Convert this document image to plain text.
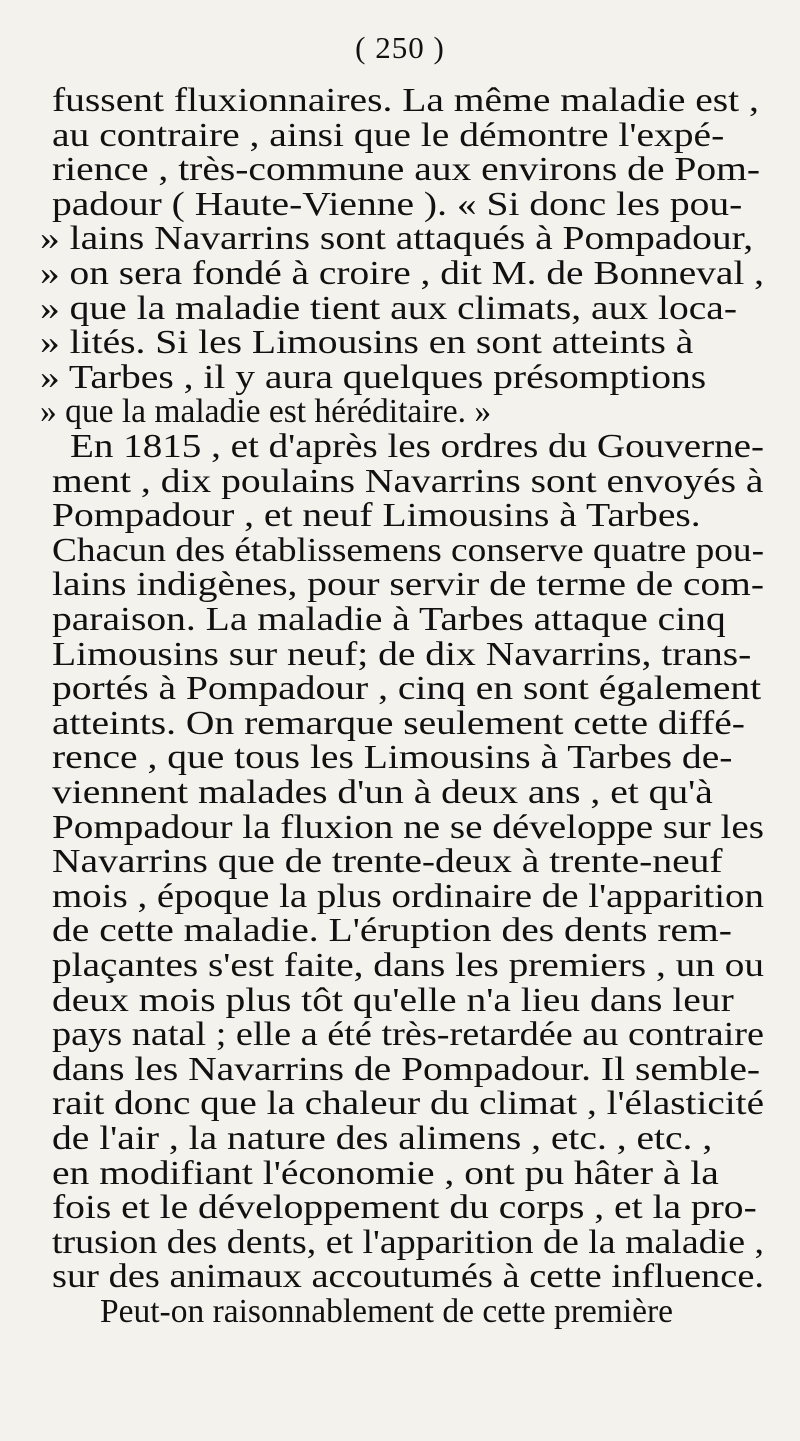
( 250 )
fussent fluxionnaires. La même maladie est ,
au contraire , ainsi que le démontre l'expé-
rience , très-commune aux environs de Pom-
padour ( Haute-Vienne ). « Si donc les pou-
» lains Navarrins sont attaqués à Pompadour,
» on sera fondé à croire , dit M. de Bonneval ,
» que la maladie tient aux climats, aux loca-
» lités. Si les Limousins en sont atteints à
» Tarbes , il y aura quelques présomptions
» que la maladie est héréditaire. »
En 1815 , et d'après les ordres du Gouverne-
ment , dix poulains Navarrins sont envoyés à
Pompadour , et neuf Limousins à Tarbes.
Chacun des établissemens conserve quatre pou-
lains indigènes, pour servir de terme de com-
paraison. La maladie à Tarbes attaque cinq
Limousins sur neuf; de dix Navarrins, trans-
portés à Pompadour , cinq en sont également
atteints. On remarque seulement cette diffé-
rence , que tous les Limousins à Tarbes de-
viennent malades d'un à deux ans , et qu'à
Pompadour la fluxion ne se développe sur les
Navarrins que de trente-deux à trente-neuf
mois , époque la plus ordinaire de l'apparition
de cette maladie. L'éruption des dents rem-
plaçantes s'est faite, dans les premiers , un ou
deux mois plus tôt qu'elle n'a lieu dans leur
pays natal ; elle a été très-retardée au contraire
dans les Navarrins de Pompadour. Il semble-
rait donc que la chaleur du climat , l'élasticité
de l'air , la nature des alimens , etc. , etc. ,
en modifiant l'économie , ont pu hâter à la
fois et le développement du corps , et la pro-
trusion des dents, et l'apparition de la maladie ,
sur des animaux accoutumés à cette influence.
Peut-on raisonnablement de cette première
